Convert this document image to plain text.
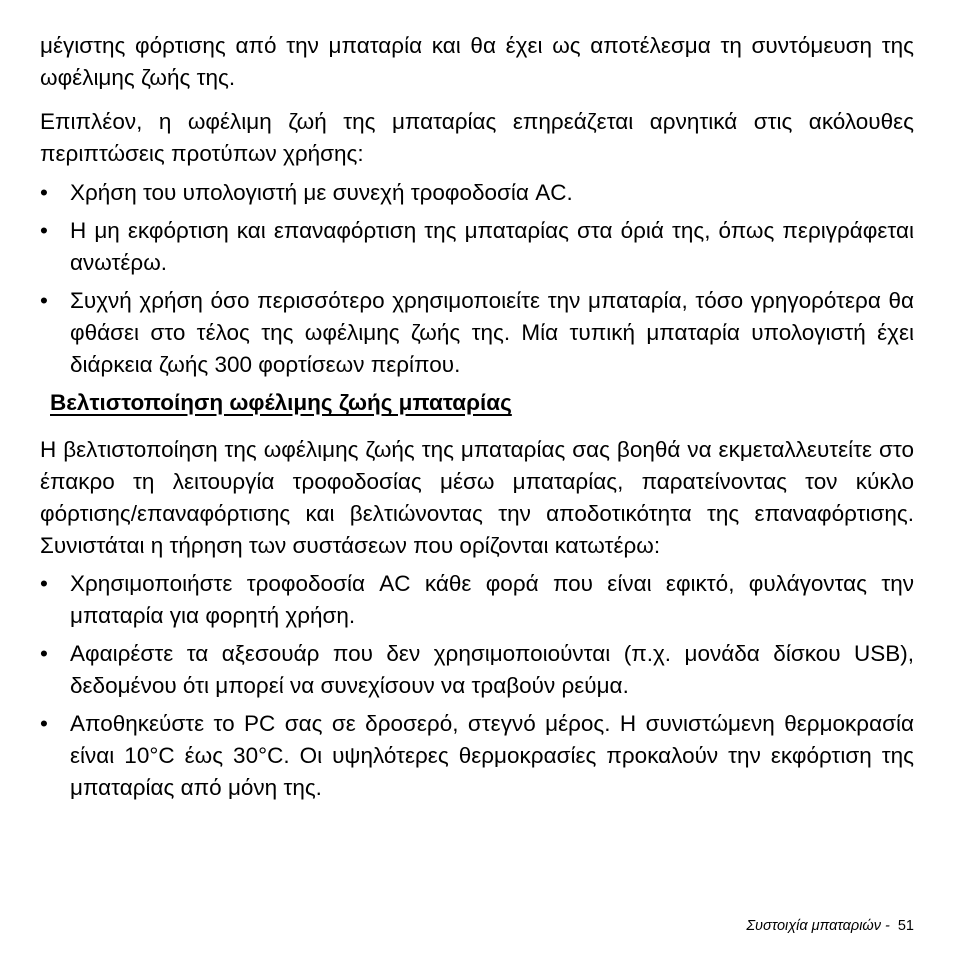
μέγιστης φόρτισης από την μπαταρία και θα έχει ως αποτέλεσμα τη συντόμευση της ωφέλιμης ζωής της.

Επιπλέον, η ωφέλιμη ζωή της μπαταρίας επηρεάζεται αρνητικά στις ακόλουθες περιπτώσεις προτύπων χρήσης:

• Χρήση του υπολογιστή με συνεχή τροφοδοσία AC.
• Η μη εκφόρτιση και επαναφόρτιση της μπαταρίας στα όριά της, όπως περιγράφεται ανωτέρω.
• Συχνή χρήση όσο περισσότερο χρησιμοποιείτε την μπαταρία, τόσο γρηγορότερα θα φθάσει στο τέλος της ωφέλιμης ζωής της. Μία τυπική μπαταρία υπολογιστή έχει διάρκεια ζωής 300 φορτίσεων περίπου.
Βελτιστοποίηση ωφέλιμης ζωής μπαταρίας

Η βελτιστοποίηση της ωφέλιμης ζωής της μπαταρίας σας βοηθά να εκμεταλλευτείτε στο έπακρο τη λειτουργία τροφοδοσίας μέσω μπαταρίας, παρατείνοντας τον κύκλο φόρτισης/επαναφόρτισης και βελτιώνοντας την αποδοτικότητα της επαναφόρτισης. Συνιστάται η τήρηση των συστάσεων που ορίζονται κατωτέρω:

• Χρησιμοποιήστε τροφοδοσία AC κάθε φορά που είναι εφικτό, φυλάγοντας την μπαταρία για φορητή χρήση.
• Αφαιρέστε τα αξεσουάρ που δεν χρησιμοποιούνται (π.χ. μονάδα δίσκου USB), δεδομένου ότι μπορεί να συνεχίσουν να τραβούν ρεύμα.
• Αποθηκεύστε το PC σας σε δροσερό, στεγνό μέρος. Η συνιστώμενη θερμοκρασία είναι 10°C έως 30°C. Οι υψηλότερες θερμοκρασίες προκαλούν την εκφόρτιση της μπαταρίας από μόνη της.
Συστοιχία μπαταριών - 51
